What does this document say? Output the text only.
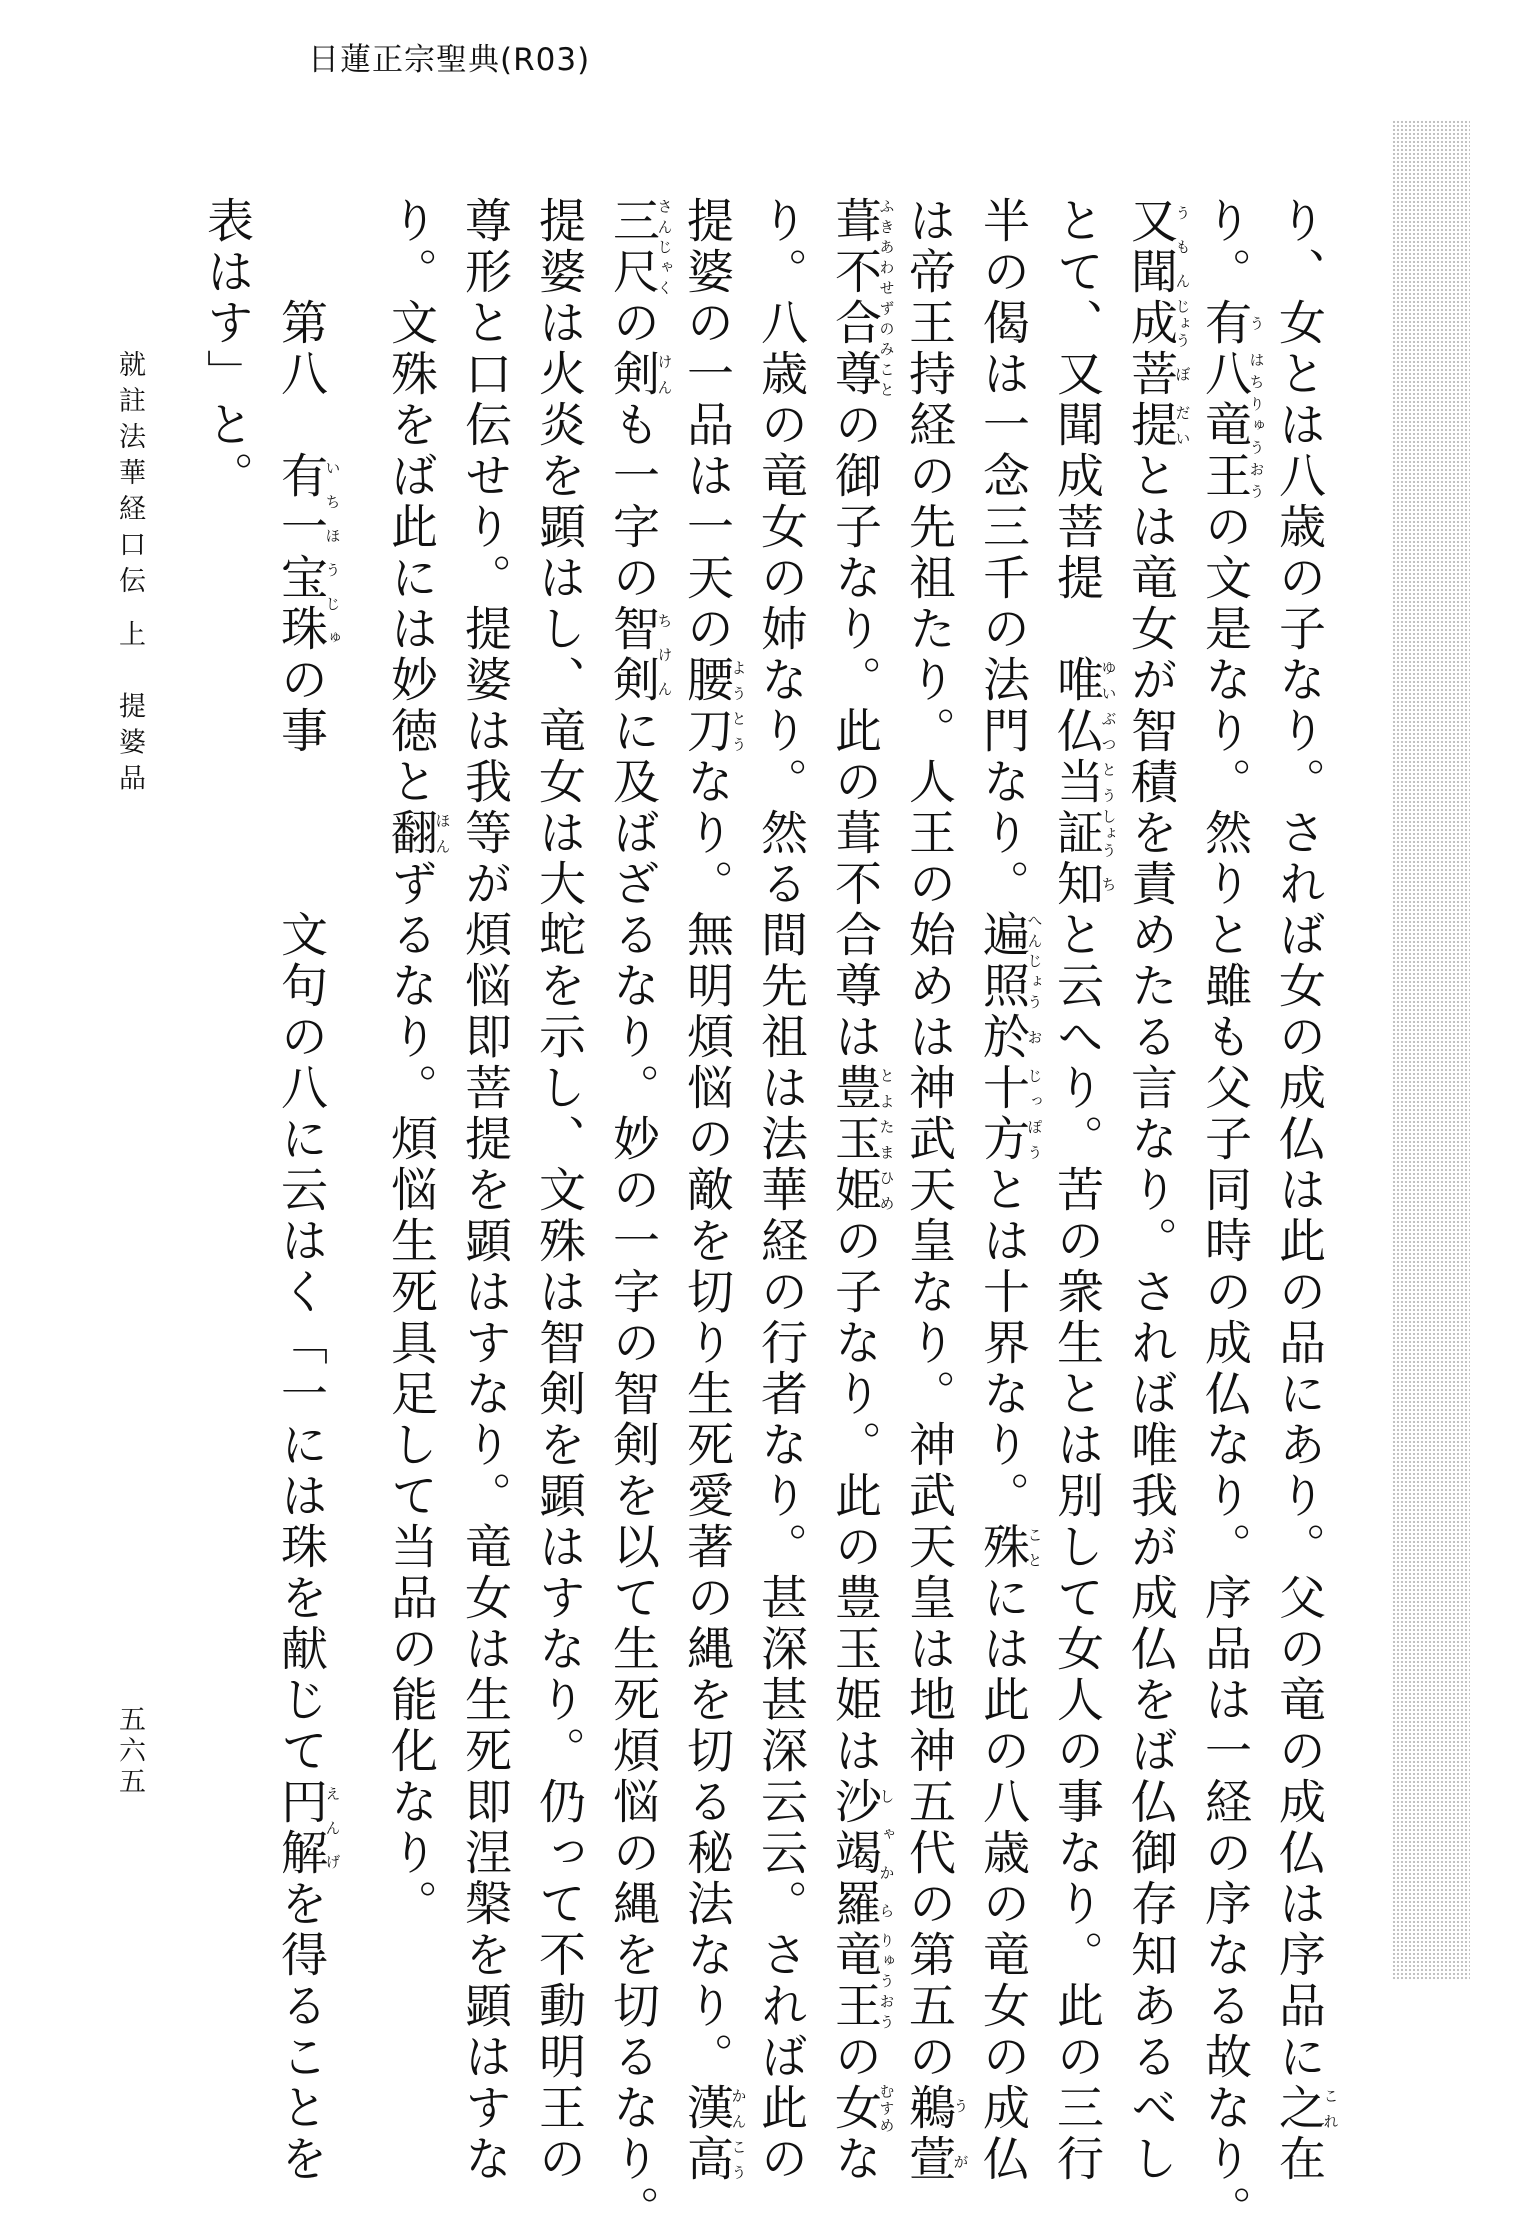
日蓮正宗聖典(R03)
り、女とは八歳の子なり。されば女の成仏は此の品にあり。父の竜の成仏は序品に之これ在
り。有う八竜王はちりゅうおうの文是なり。然りと雖も父子同時の成仏なり。序品は一経の序なる故なり。
又聞うもん成じょう菩ぼ提だいとは竜女が智積を責めたる言なり。されば唯我が成仏をば仏御存知あるべし
とて、又聞成菩提　唯ゆい仏ぶつ当とう証しょう知ちと云へり。苦の衆生とは別して女人の事なり。此の三行
半の偈は一念三千の法門なり。遍照へんじょう於お十方じっぽうとは十界なり。殊ことには此の八歳の竜女の成仏
は帝王持経の先祖たり。人王の始めは神武天皇なり。神武天皇は地神五代の第五の鵜萱うが
葺不合尊ふきあわせずのみことの御子なり。此の葺不合尊は豊玉姫とよたまひめの子なり。此の豊玉姫は沙竭羅しゃから竜王りゅうおうの女むすめな
り。八歳の竜女の姉なり。然る間先祖は法華経の行者なり。甚深甚深云云。されば此の
提婆の一品は一天の腰刀ようとうなり。無明煩悩の敵を切り生死愛著の縄を切る秘法なり。漢高かんこう
三尺さんじゃくの剣けんも一字の智剣ちけんに及ばざるなり。妙の一字の智剣を以て生死煩悩の縄を切るなり。
提婆は火炎を顕はし、竜女は大蛇を示し、文殊は智剣を顕はすなり。仍って不動明王の
尊形と口伝せり。提婆は我等が煩悩即菩提を顕はすなり。竜女は生死即涅槃を顕はすな
り。文殊をば此には妙徳と翻ほんずるなり。煩悩生死具足して当品の能化なり。
　　第八　有一宝珠いちほうじゅの事　　　文句の八に云はく「一には珠を献じて円解えんげを得ることを
表はす」と。
就註法華経口伝 上　提婆品
五六五
